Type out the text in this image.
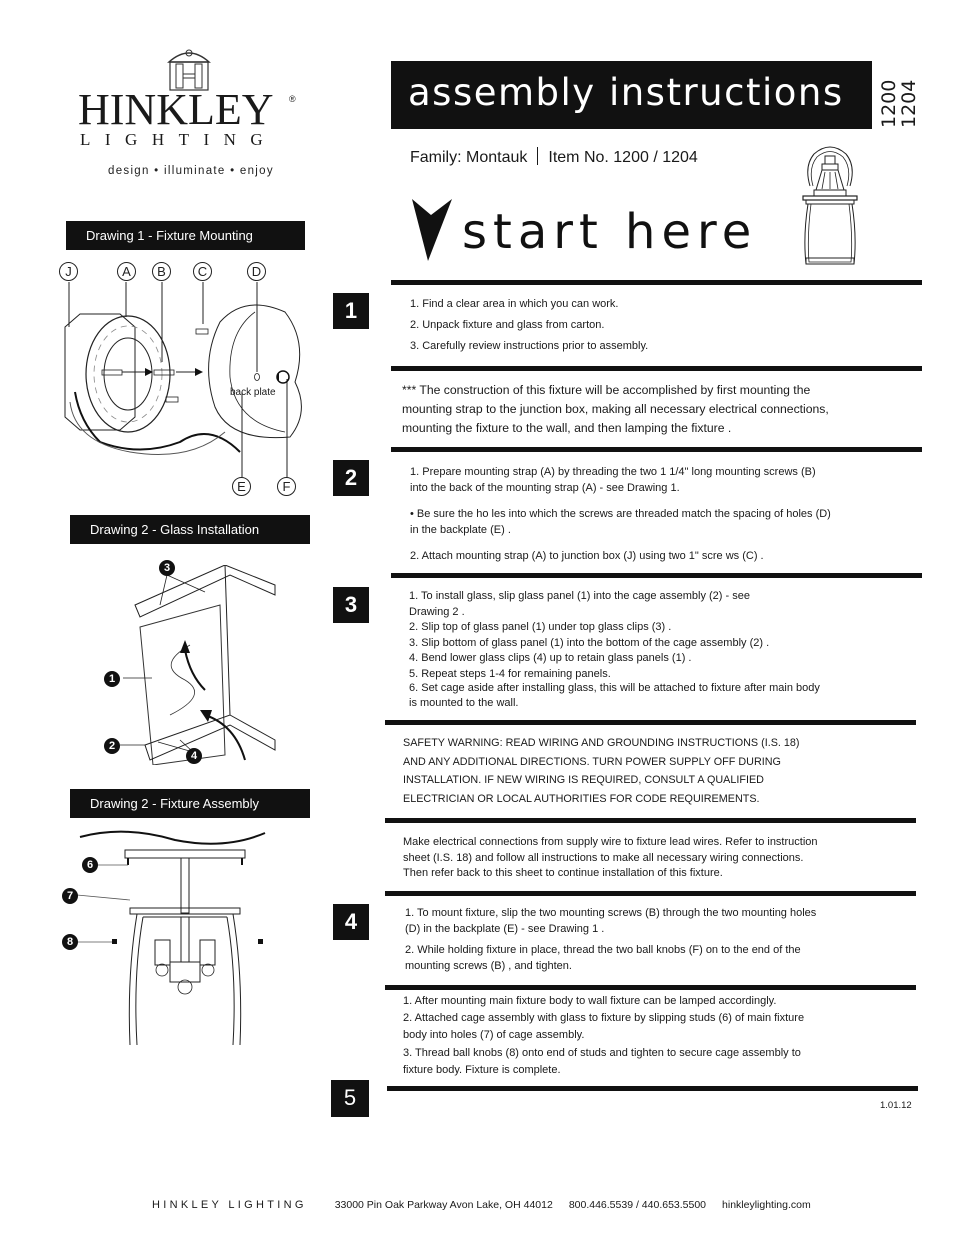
HINKLEY ®
LIGHTING
design • illuminate • enjoy
assembly instructions 1200
1204
Family: Montauk Item No. 1200 / 1204
start here
Drawing 1 - Fixture Mounting
J	A	B	C	D
E	F
back plate
Drawing 2 - Glass Installation
3
1
2
4
Drawing 2 - Fixture Assembly
6
7
8
1	1. Find a clear area in which you can work.

2. Unpack fixture and glass from carton.

3. Carefully review instructions prior to assembly.

*** The construction of this fixture will be accomplished by first mounting the

mounting strap to the junction box, making all necessary electrical connections,

mounting the fixture to the wall, and then lamping the fixture .

2	1. Prepare mounting strap (A) by threading the two 1 1/4" long mounting screws (B)

into the back of the mounting strap (A) - see Drawing 1.

• Be sure the ho les into which the screws are threaded match the spacing of holes (D)

in the backplate (E) .

2. Attach mounting strap (A) to junction box (J) using two 1" scre ws (C) .

3	1. To install glass, slip glass panel (1) into the cage assembly (2) - see

Drawing 2 .

2. Slip top of glass panel (1) under top glass clips (3) .

3. Slip bottom of glass panel (1) into the bottom of the cage assembly (2) .

4. Bend lower glass clips (4) up to retain glass panels (1) .

5. Repeat steps 1-4 for remaining panels.

6. Set cage aside after installing glass, this will be attached to fixture after main body

is mounted to the wall.

SAFETY WARNING: READ WIRING AND GROUNDING INSTRUCTIONS (I.S. 18)

AND ANY ADDITIONAL DIRECTIONS. TURN POWER SUPPLY OFF DURING

INSTALLATION. IF NEW WIRING IS REQUIRED, CONSULT A QUALIFIED

ELECTRICIAN OR LOCAL AUTHORITIES FOR CODE REQUIREMENTS.

Make electrical connections from supply wire to fixture lead wires. Refer to instruction

sheet (I.S. 18) and follow all instructions to make all necessary wiring connections.

Then refer back to this sheet to continue installation of this fixture.

4	1. To mount fixture, slip the two mounting screws (B) through the two mounting holes

(D) in the backplate (E) - see Drawing 1 .

2. While holding fixture in place, thread the two ball knobs (F) on to the end of the

mounting screws (B) , and tighten.

1. After mounting main fixture body to wall fixture can be lamped accordingly.

2. Attached cage assembly with glass to fixture by slipping studs (6) of main fixture

body into holes (7) of cage assembly.

3. Thread ball knobs (8) onto end of studs and tighten to secure cage assembly to

fixture body. Fixture is complete.

5	1.01.12
HINKLEY LIGHTING	33000 Pin Oak Parkway Avon Lake, OH 44012 800.446.5539 / 440.653.5500 hinkleylighting.com
